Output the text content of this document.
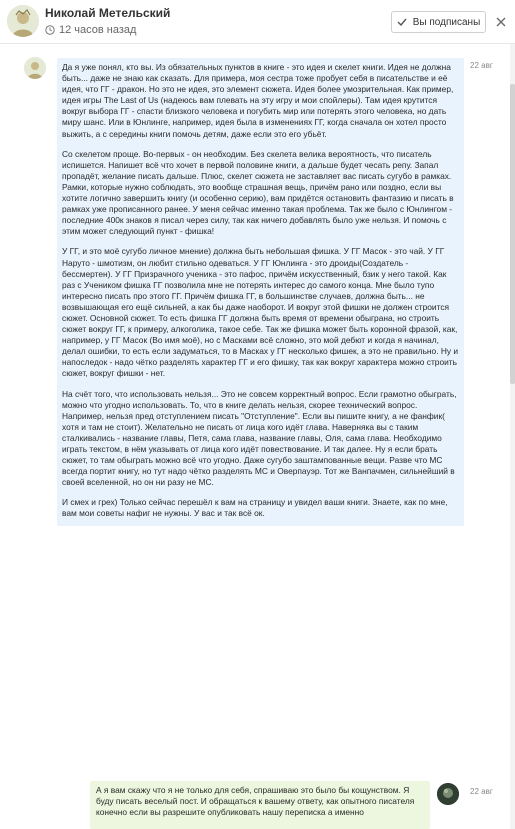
Николай Метельский
12 часов назад
Вы подписаны

Да я уже понял, кто вы. Из обязательных пунктов в книге - это идея и скелет книги. Идея не должна быть... даже не знаю как сказать. Для примера, моя сестра тоже пробует себя в писательстве и её идея, что ГГ - дракон. Но это не идея, это элемент сюжета. Идея более умозрительная. Как пример, идея игры The Last of Us (надеюсь вам плевать на эту игру и мои спойлеры). Там идея крутится вокруг выбора ГГ - спасти близкого человека и погубить мир или потерять этого человека, но дать миру шанс. Или в Юнлинге, например, идея была в изменениях ГГ, когда сначала он хотел просто выжить, а с середины книги помочь детям, даже если это его убьёт.

Со скелетом проще. Во-первых - он необходим. Без скелета велика вероятность, что писатель испишется. Напишет всё что хочет в первой половине книги, а дальше будет чесать репу. Запал пропадёт, желание писать дальше. Плюс, скелет сюжета не заставляет вас писать сугубо в рамках. Рамки, которые нужно соблюдать, это вообще страшная вещь, причём рано или поздно, если вы хотите логично завершить книгу (и особенно серию), вам придётся остановить фантазию и писать в рамках уже прописанного ранее. У меня сейчас именно такая проблема. Так же было с Юнлингом - последние 400к знаков я писал через силу, так как ничего добавлять было уже нельзя. И помочь с этим может следующий пункт - фишка!

У ГГ, и это моё сугубо личное мнение) должна быть небольшая фишка. У ГГ Масок - это чай. У ГГ Наруто - шмотизм, он любит стильно одеваться. У ГГ Юнлинга - это дроиды(Создатель - бессмертен). У ГГ Призрачного ученика - это пафос, причём искусственный, бзик у него такой. Как раз с Учеником фишка ГГ позволила мне не потерять интерес до самого конца. Мне было тупо интересно писать про этого ГГ. Причём фишка ГГ, в большинстве случаев, должна быть... не возвышающая его ещё сильней, а как бы даже наоборот. И вокруг этой фишки не должен строится сюжет. Основной сюжет. То есть фишка ГГ должна быть время от времени обыграна, но строить сюжет вокруг ГГ, к примеру, алкоголика, такое себе. Так же фишка может быть коронной фразой, как, например, у ГГ Масок (Во имя моё), но с Масками всё сложно, это мой дебют и когда я начинал, делал ошибки, то есть если задуматься, то в Масках у ГГ несколько фишек, а это не правильно. Ну и напоследок - надо чётко разделять характер ГГ и его фишку, так как вокруг характера можно строить сюжет, вокруг фишки - нет.

На счёт того, что использовать нельзя... Это не совсем корректный вопрос. Если грамотно обыграть, можно что угодно использовать. То, что в книге делать нельзя, скорее технический вопрос. Например, нельзя пред отступлением писать "Отступление". Если вы пишите книгу, а не фанфик( хотя и там не стоит). Желательно не писать от лица кого идёт глава. Наверняка вы с таким сталкивались - название главы, Петя, сама глава, название главы, Оля, сама глава. Необходимо играть текстом, в нём указывать от лица кого идёт повествование. И так далее. Ну я если брать сюжет, то там обыграть можно всё что угодно. Даже сугубо заштампованные вещи. Разве что МС всегда портит книгу, но тут надо чётко разделять МС и Оверпауэр. Тот же Ванпачмен, сильнейший в своей вселенной, но он ни разу не МС.

И смех и грех) Только сейчас перешёл к вам на страницу и увидел ваши книги. Знаете, как по мне, вам мои советы нафиг не нужны. У вас и так всё ок.

22 авг

А я вам скажу что я не только для себя, спрашиваю это было бы кощунством. Я буду писать веселый пост. И обращаться к вашему ответу, как опытного писателя конечно если вы разрешите опубликовать нашу переписка а именно

22 авг
